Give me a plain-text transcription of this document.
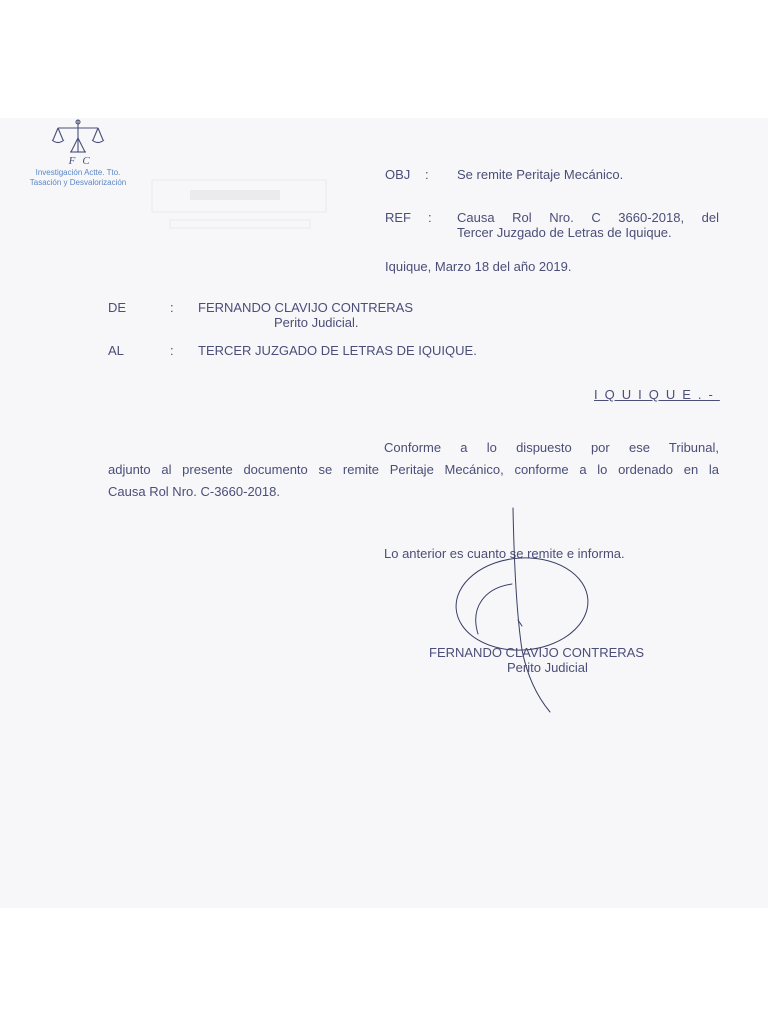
F C
Investigación Actte. Tto.
Tasación y Desvalorización
OBJ : Se remite Peritaje Mecánico.
REF : Causa Rol Nro. C 3660-2018, del
Tercer Juzgado de Letras de Iquique.
Iquique, Marzo 18 del año 2019.
DE	: FERNANDO CLAVIJO CONTRERAS
Perito Judicial.
AL	: TERCER JUZGADO DE LETRAS DE IQUIQUE.
IQUIQUE.-
Conforme a lo dispuesto por ese Tribunal,
adjunto al presente documento se remite Peritaje Mecánico, conforme a lo ordenado en la
Causa Rol Nro. C-3660-2018.
Lo anterior es cuanto se remite e informa.
FERNANDO CLAVIJO CONTRERAS
Perito Judicial
